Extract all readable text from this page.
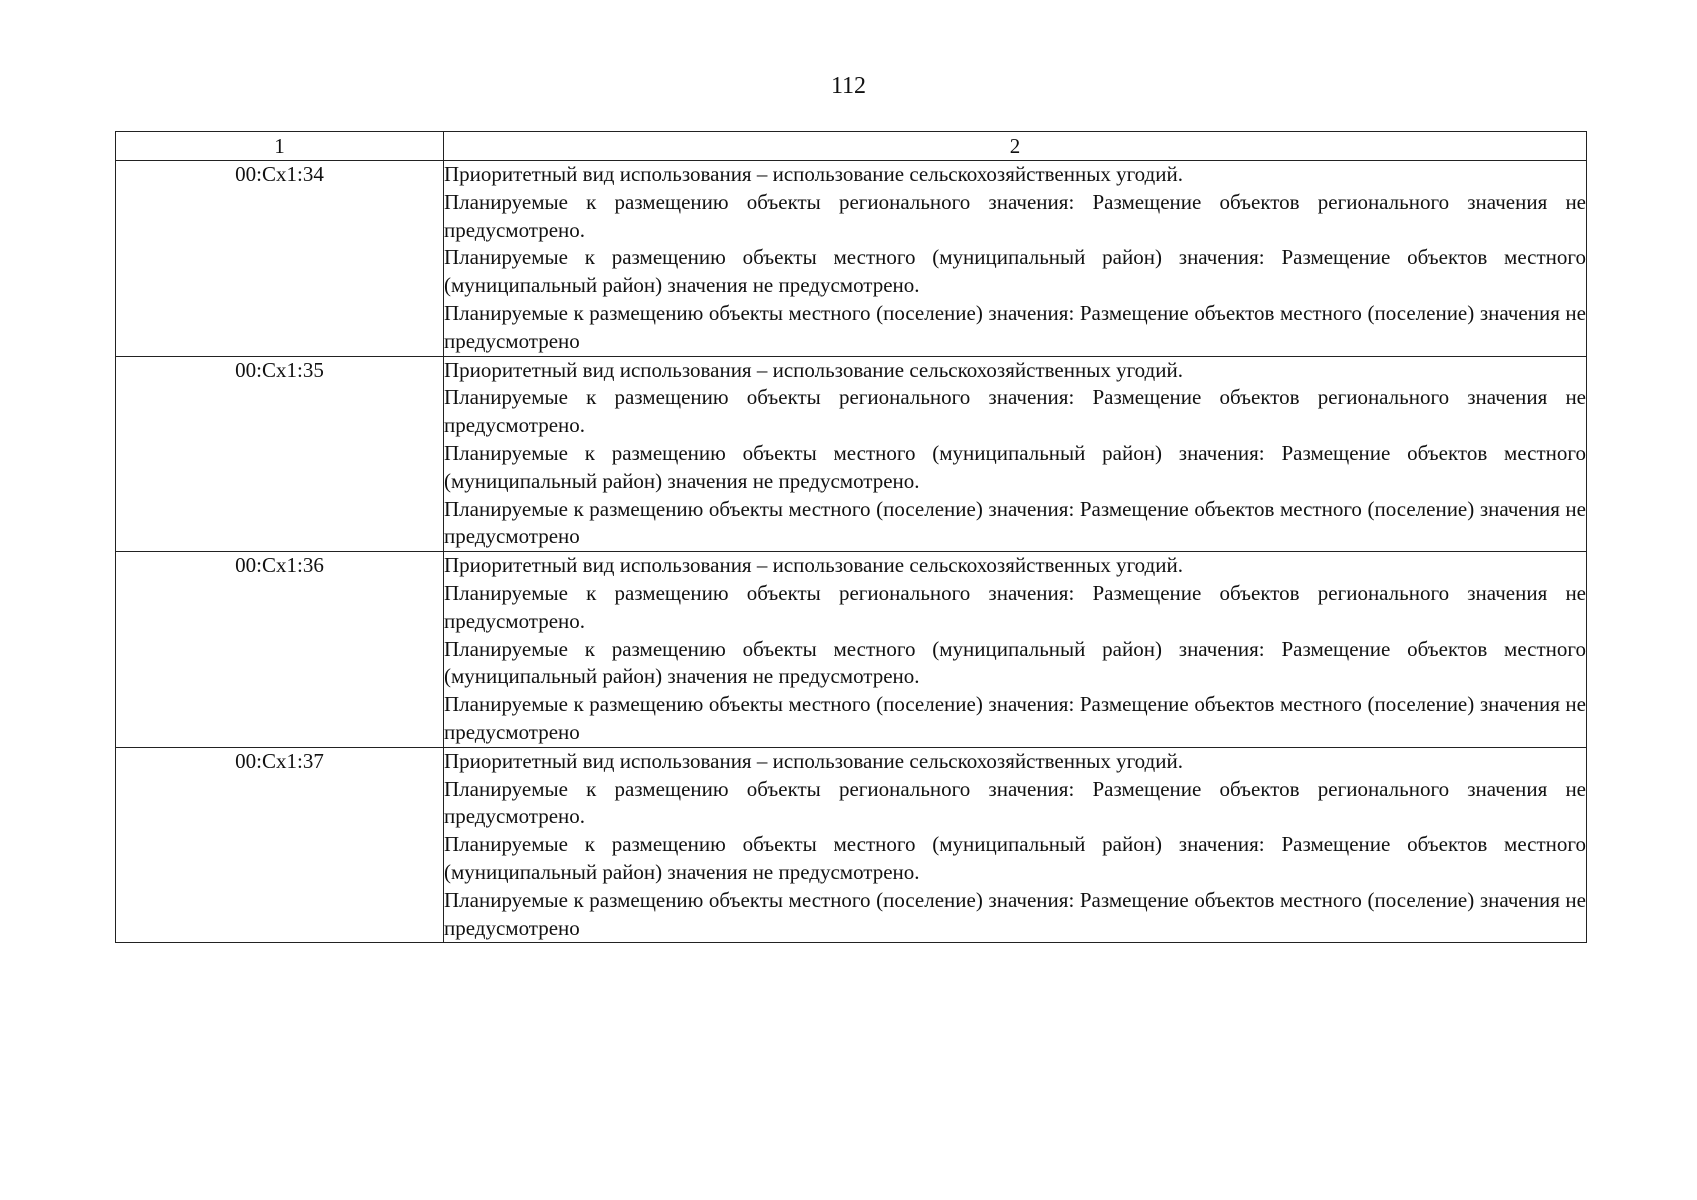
112
1	2
00:Сх1:34	Приоритетный вид использования – использование сельскохозяйственных угодий.

Планируемые к размещению объекты регионального значения: Размещение объектов регионального значения не предусмотрено.

Планируемые к размещению объекты местного (муниципальный район) значения: Размещение объектов местного (муниципальный район) значения не предусмотрено.

Планируемые к размещению объекты местного (поселение) значения: Размещение объектов местного (поселение) значения не предусмотрено

00:Сх1:35	Приоритетный вид использования – использование сельскохозяйственных угодий.

Планируемые к размещению объекты регионального значения: Размещение объектов регионального значения не предусмотрено.

Планируемые к размещению объекты местного (муниципальный район) значения: Размещение объектов местного (муниципальный район) значения не предусмотрено.

Планируемые к размещению объекты местного (поселение) значения: Размещение объектов местного (поселение) значения не предусмотрено

00:Сх1:36	Приоритетный вид использования – использование сельскохозяйственных угодий.

Планируемые к размещению объекты регионального значения: Размещение объектов регионального значения не предусмотрено.

Планируемые к размещению объекты местного (муниципальный район) значения: Размещение объектов местного (муниципальный район) значения не предусмотрено.

Планируемые к размещению объекты местного (поселение) значения: Размещение объектов местного (поселение) значения не предусмотрено

00:Сх1:37	Приоритетный вид использования – использование сельскохозяйственных угодий.

Планируемые к размещению объекты регионального значения: Размещение объектов регионального значения не предусмотрено.

Планируемые к размещению объекты местного (муниципальный район) значения: Размещение объектов местного (муниципальный район) значения не предусмотрено.

Планируемые к размещению объекты местного (поселение) значения: Размещение объектов местного (поселение) значения не предусмотрено
